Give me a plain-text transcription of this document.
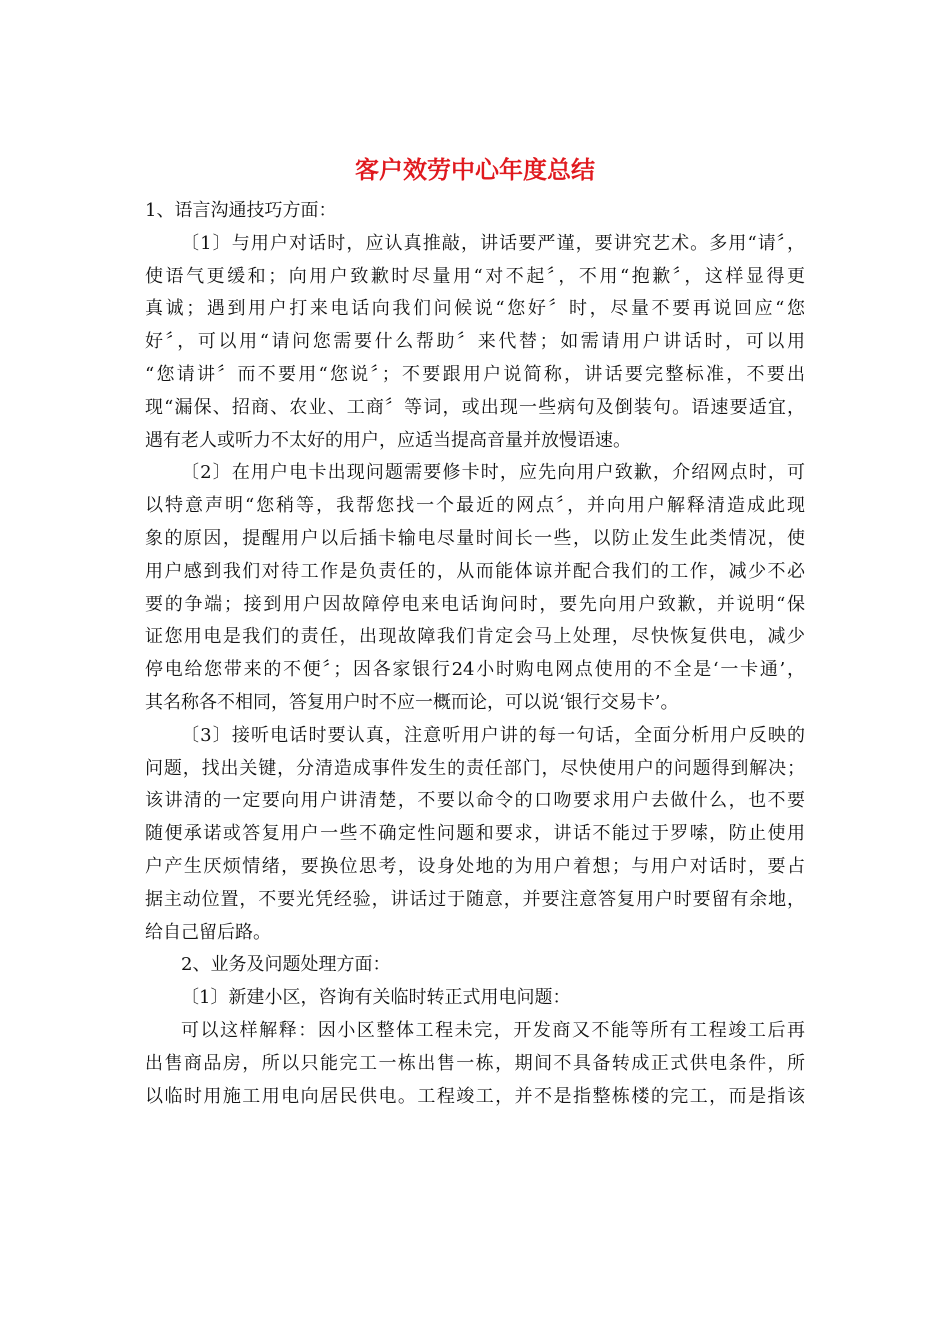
客户效劳中心年度总结

1、语言沟通技巧方面：

〔1〕与用户对话时，应认真推敲，讲话要严谨，要讲究艺术。多用“请〞，
使语气更缓和；向用户致歉时尽量用“对不起〞，不用“抱歉〞，这样显得更
真诚；遇到用户打来电话向我们问候说“您好〞时，尽量不要再说回应“您
好〞，可以用“请问您需要什么帮助〞来代替；如需请用户讲话时，可以用
“您请讲〞而不要用“您说〞；不要跟用户说简称，讲话要完整标准，不要出
现“漏保、招商、农业、工商〞等词，或出现一些病句及倒装句。语速要适宜，
遇有老人或听力不太好的用户，应适当提高音量并放慢语速。

〔2〕在用户电卡出现问题需要修卡时，应先向用户致歉，介绍网点时，可
以特意声明“您稍等，我帮您找一个最近的网点〞，并向用户解释清造成此现
象的原因，提醒用户以后插卡输电尽量时间长一些，以防止发生此类情况，使
用户感到我们对待工作是负责任的，从而能体谅并配合我们的工作，减少不必
要的争端；接到用户因故障停电来电话询问时，要先向用户致歉，并说明“保
证您用电是我们的责任，出现故障我们肯定会马上处理，尽快恢复供电，减少
停电给您带来的不便〞；因各家银行24小时购电网点使用的不全是‘一卡通’，
其名称各不相同，答复用户时不应一概而论，可以说‘银行交易卡’。

〔3〕接听电话时要认真，注意听用户讲的每一句话，全面分析用户反映的
问题，找出关键，分清造成事件发生的责任部门，尽快使用户的问题得到解决；
该讲清的一定要向用户讲清楚，不要以命令的口吻要求用户去做什么，也不要
随便承诺或答复用户一些不确定性问题和要求，讲话不能过于罗嗦，防止使用
户产生厌烦情绪，要换位思考，设身处地的为用户着想；与用户对话时，要占
据主动位置，不要光凭经验，讲话过于随意，并要注意答复用户时要留有余地，
给自己留后路。

2、业务及问题处理方面：

〔1〕新建小区，咨询有关临时转正式用电问题：

可以这样解释：因小区整体工程未完，开发商又不能等所有工程竣工后再
出售商品房，所以只能完工一栋出售一栋，期间不具备转成正式供电条件，所
以临时用施工用电向居民供电。工程竣工，并不是指整栋楼的完工，而是指该
